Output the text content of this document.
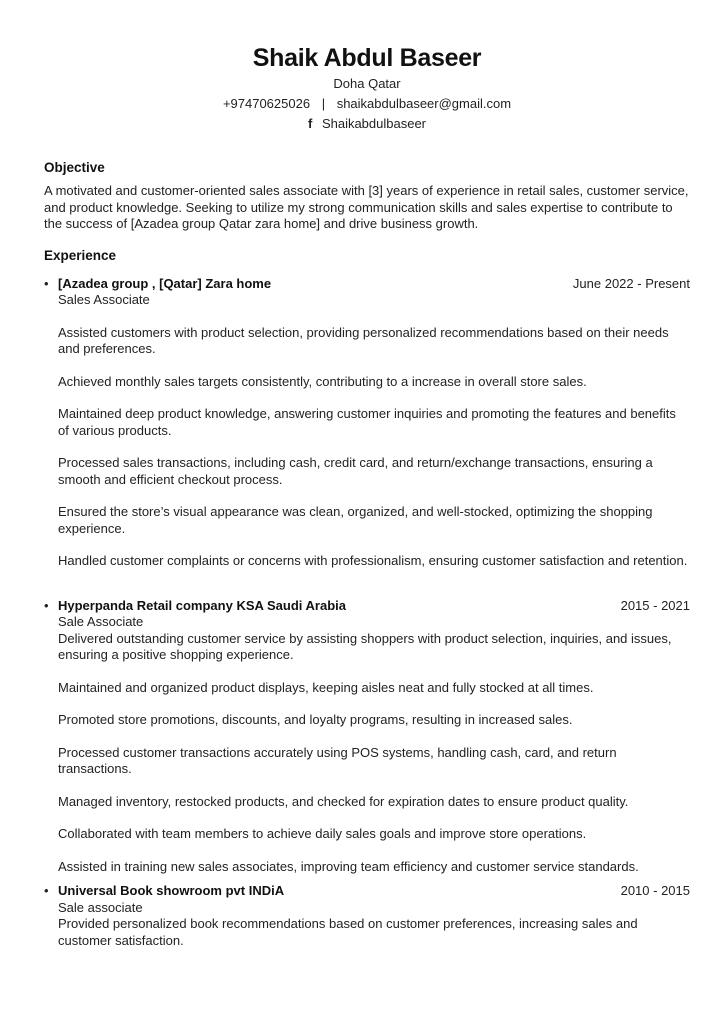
Shaik Abdul Baseer
Doha Qatar
+97470625026 | shaikabdulbaseer@gmail.com
f Shaikabdulbaseer
Objective

A motivated and customer-oriented sales associate with [3] years of experience in retail sales, customer service, and product knowledge. Seeking to utilize my strong communication skills and sales expertise to contribute to the success of [Azadea group Qatar zara home] and drive business growth.

Experience
• [Azadea group , [Qatar] Zara home	June 2022 - Present
Sales Associate

Assisted customers with product selection, providing personalized recommendations based on their needs and preferences.

Achieved monthly sales targets consistently, contributing to a increase in overall store sales.

Maintained deep product knowledge, answering customer inquiries and promoting the features and benefits of various products.

Processed sales transactions, including cash, credit card, and return/exchange transactions, ensuring a smooth and efficient checkout process.

Ensured the store’s visual appearance was clean, organized, and well-stocked, optimizing the shopping experience.

Handled customer complaints or concerns with professionalism, ensuring customer satisfaction and retention.

• Hyperpanda Retail company KSA Saudi Arabia	2015 - 2021
Sale Associate

Delivered outstanding customer service by assisting shoppers with product selection, inquiries, and issues, ensuring a positive shopping experience.

Maintained and organized product displays, keeping aisles neat and fully stocked at all times.

Promoted store promotions, discounts, and loyalty programs, resulting in increased sales.

Processed customer transactions accurately using POS systems, handling cash, card, and return transactions.

Managed inventory, restocked products, and checked for expiration dates to ensure product quality.

Collaborated with team members to achieve daily sales goals and improve store operations.

Assisted in training new sales associates, improving team efficiency and customer service standards.

• Universal Book showroom pvt INDiA	2010 - 2015
Sale associate

Provided personalized book recommendations based on customer preferences, increasing sales and customer satisfaction.
